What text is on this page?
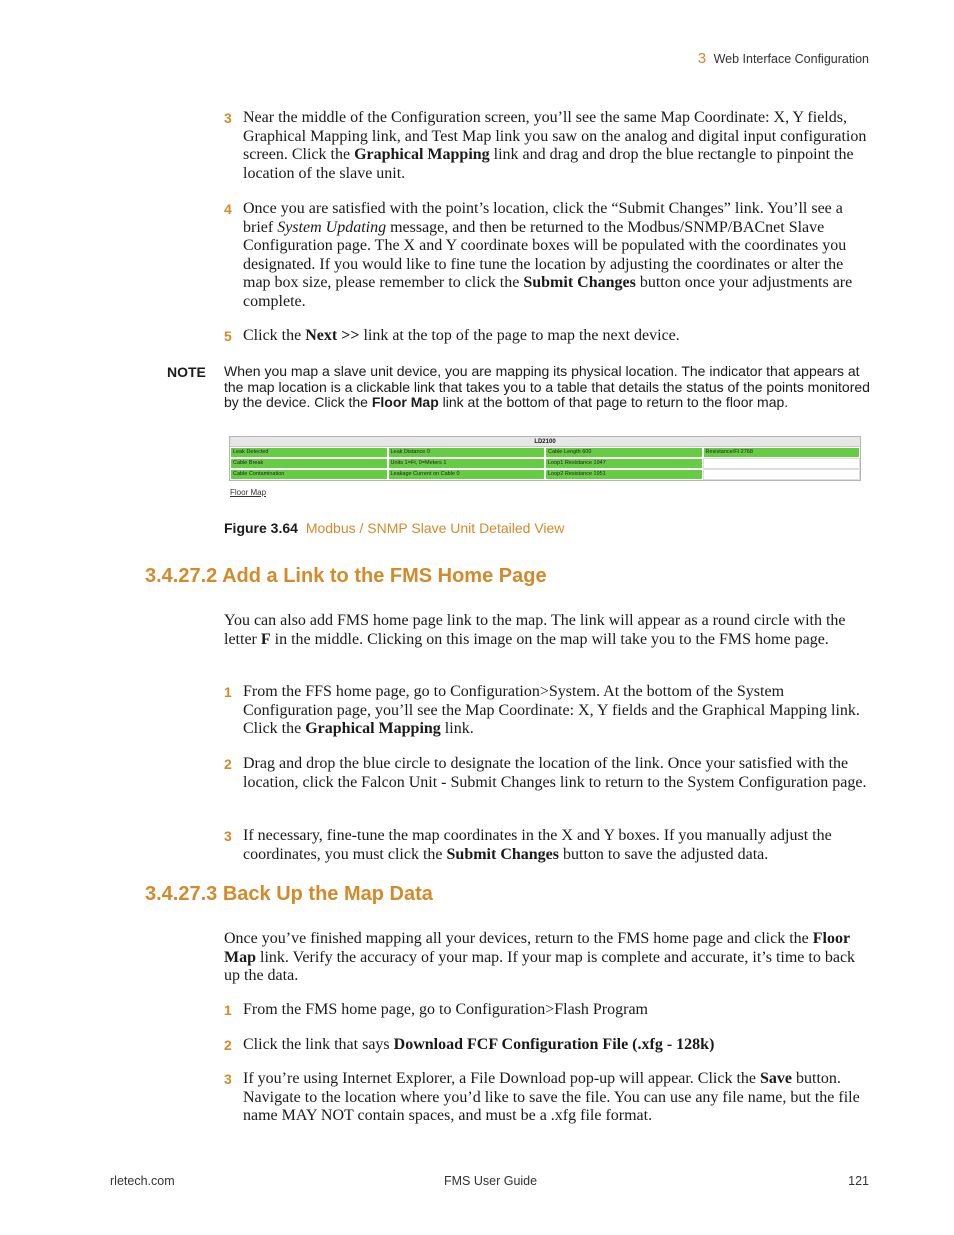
3 Web Interface Configuration
3 Near the middle of the Configuration screen, you’ll see the same Map Coordinate: X, Y fields, Graphical Mapping link, and Test Map link you saw on the analog and digital input configuration screen. Click the Graphical Mapping link and drag and drop the blue rectangle to pinpoint the location of the slave unit.
4 Once you are satisfied with the point’s location, click the “Submit Changes” link. You’ll see a brief System Updating message, and then be returned to the Modbus/SNMP/BACnet Slave Configuration page. The X and Y coordinate boxes will be populated with the coordinates you designated. If you would like to fine tune the location by adjusting the coordinates or alter the map box size, please remember to click the Submit Changes button once your adjustments are complete.
5 Click the Next >> link at the top of the page to map the next device.
NOTE When you map a slave unit device, you are mapping its physical location. The indicator that appears at the map location is a clickable link that takes you to a table that details the status of the points monitored by the device. Click the Floor Map link at the bottom of that page to return to the floor map.
LD2100
Leak Detected	Leak Distance 0	Cable Length 600	Resistance/Ft 2768
Cable Break	Units 1=Ft, 0=Meters 1	Loop1 Resistance 1947
Cable Contamination	Leakage Current on Cable 0	Loop2 Resistance 1951
Floor Map
Figure 3.64 Modbus / SNMP Slave Unit Detailed View
3.4.27.2 Add a Link to the FMS Home Page
You can also add FMS home page link to the map. The link will appear as a round circle with the letter F in the middle. Clicking on this image on the map will take you to the FMS home page.
1 From the FFS home page, go to Configuration>System. At the bottom of the System Configuration page, you’ll see the Map Coordinate: X, Y fields and the Graphical Mapping link. Click the Graphical Mapping link.
2 Drag and drop the blue circle to designate the location of the link. Once your satisfied with the location, click the Falcon Unit - Submit Changes link to return to the System Configuration page.
3 If necessary, fine-tune the map coordinates in the X and Y boxes. If you manually adjust the coordinates, you must click the Submit Changes button to save the adjusted data.
3.4.27.3 Back Up the Map Data
Once you’ve finished mapping all your devices, return to the FMS home page and click the Floor Map link. Verify the accuracy of your map. If your map is complete and accurate, it’s time to back up the data.
1 From the FMS home page, go to Configuration>Flash Program
2 Click the link that says Download FCF Configuration File (.xfg - 128k)
3 If you’re using Internet Explorer, a File Download pop-up will appear. Click the Save button. Navigate to the location where you’d like to save the file. You can use any file name, but the file name MAY NOT contain spaces, and must be a .xfg file format.
rletech.com	FMS User Guide	121
